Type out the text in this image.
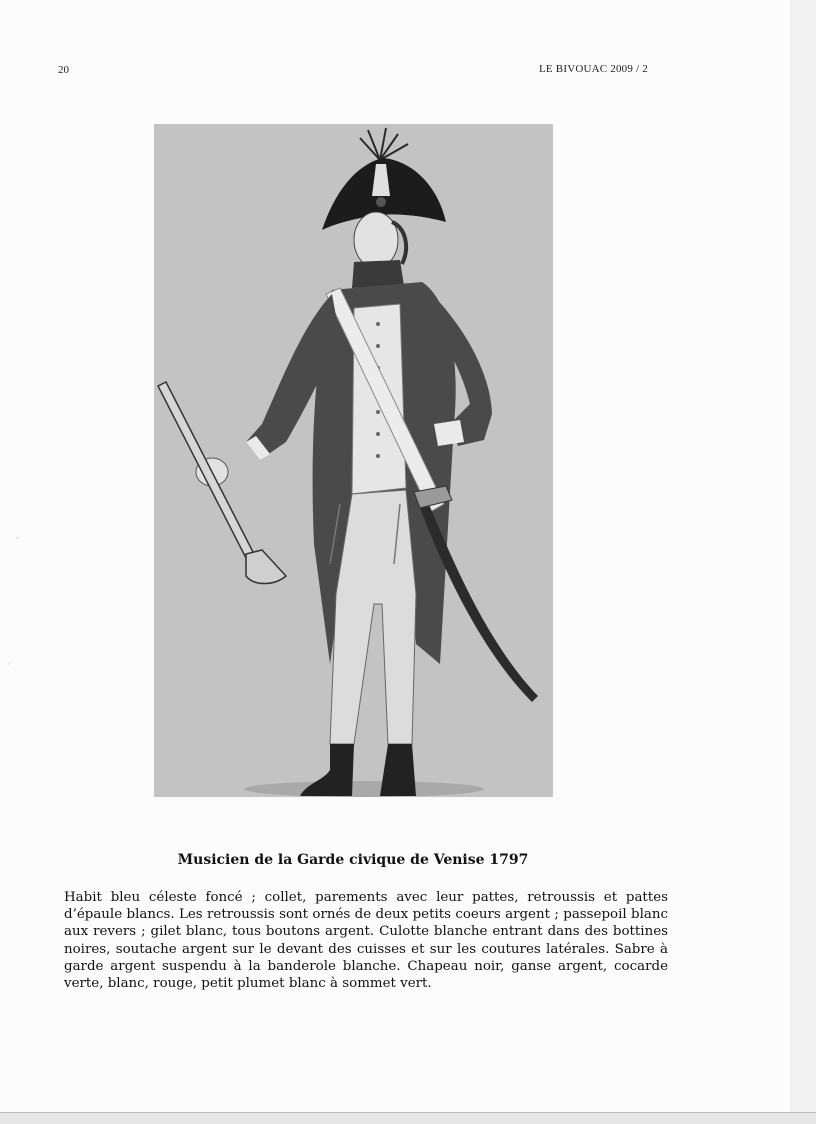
20	LE BIVOUAC 2009 / 2
Musicien de la Garde civique de Venise 1797
Habit bleu céleste foncé ; collet, parements avec leur pattes, retroussis et pattes d’épaule blancs. Les retroussis sont ornés de deux petits coeurs argent ; passepoil blanc aux revers ; gilet blanc, tous boutons argent. Culotte blanche entrant dans des bottines noires, soutache argent sur le devant des cuisses et sur les coutures latérales. Sabre à garde argent suspendu à la banderole blanche. Chapeau noir, ganse argent, cocarde verte, blanc, rouge, petit plumet blanc à sommet vert.
·
·
